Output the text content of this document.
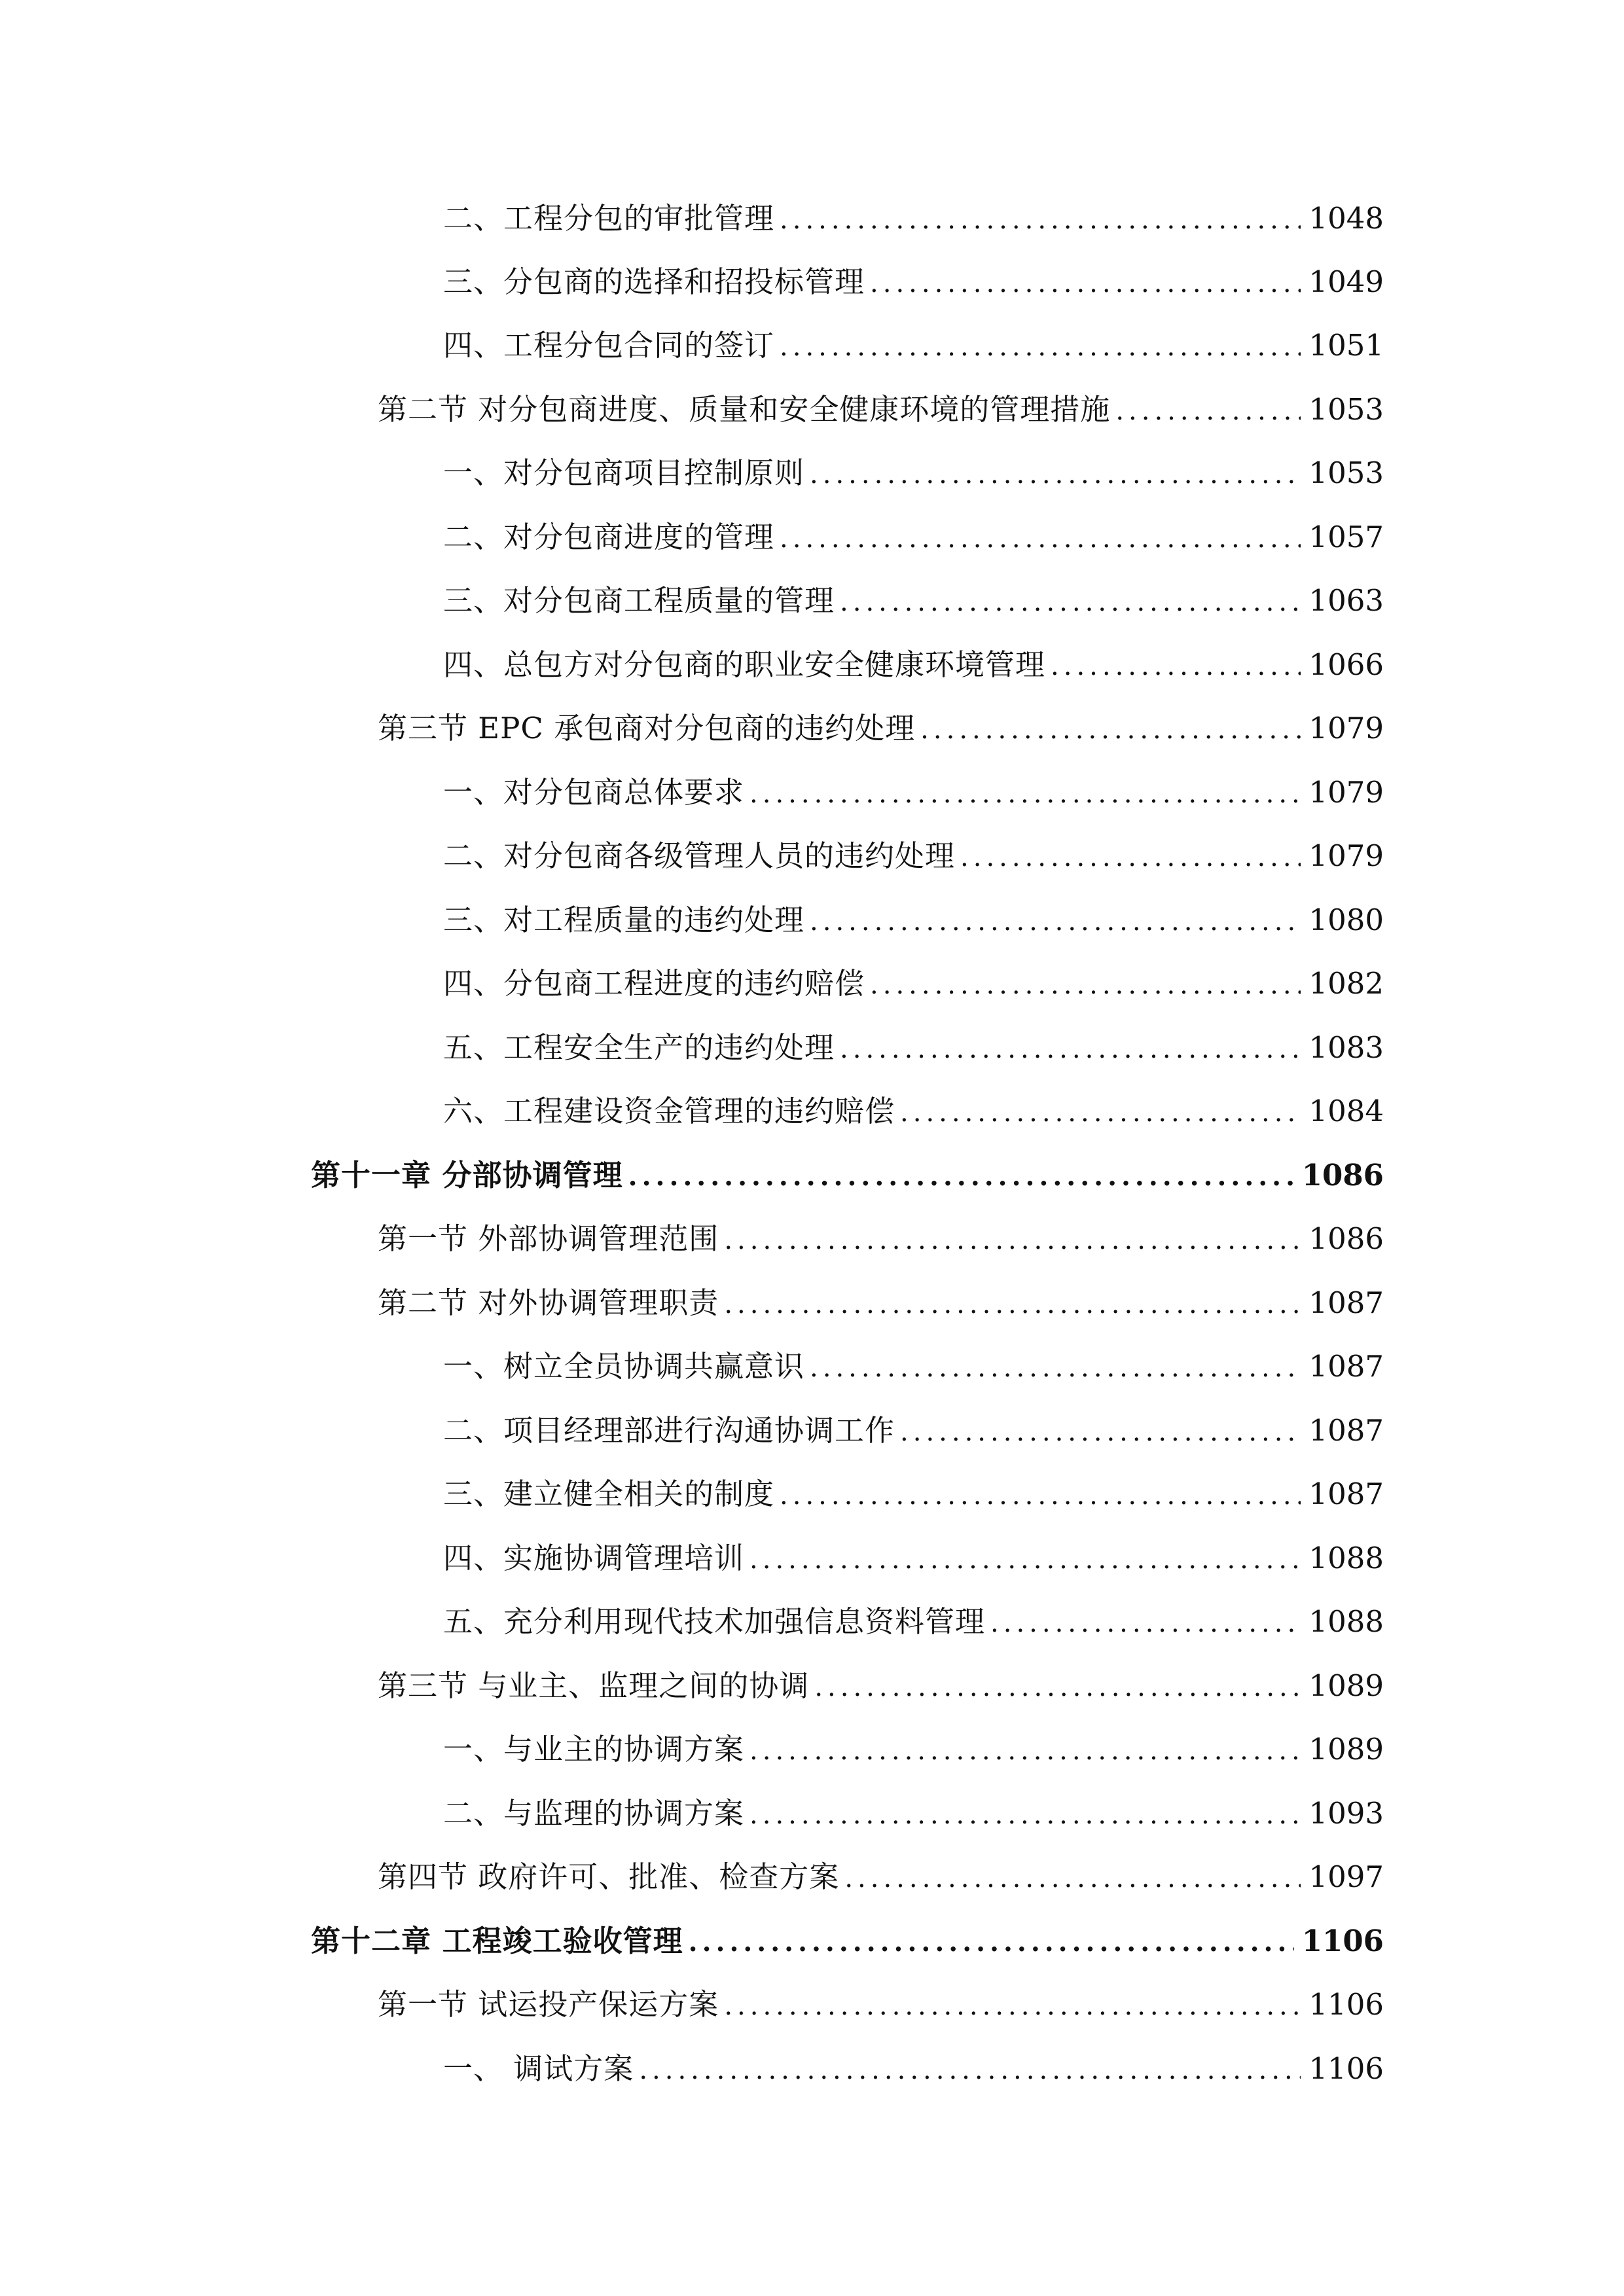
二、工程分包的审批管理 .....	1048
三、分包商的选择和招投标管理 .....	1049
四、工程分包合同的签订 .....	1051
第二节 对分包商进度、质量和安全健康环境的管理措施 .....	1053
一、对分包商项目控制原则 .....	1053
二、对分包商进度的管理 .....	1057
三、对分包商工程质量的管理 .....	1063
四、总包方对分包商的职业安全健康环境管理 .....	1066
第三节 EPC 承包商对分包商的违约处理 .....	1079
一、对分包商总体要求 .....	1079
二、对分包商各级管理人员的违约处理 .....	1079
三、对工程质量的违约处理 .....	1080
四、分包商工程进度的违约赔偿 .....	1082
五、工程安全生产的违约处理 .....	1083
六、工程建设资金管理的违约赔偿 .....	1084
第十一章 分部协调管理 .....	1086
第一节 外部协调管理范围 .....	1086
第二节 对外协调管理职责 .....	1087
一、树立全员协调共赢意识 .....	1087
二、项目经理部进行沟通协调工作 .....	1087
三、建立健全相关的制度 .....	1087
四、实施协调管理培训 .....	1088
五、充分利用现代技术加强信息资料管理 .....	1088
第三节 与业主、监理之间的协调 .....	1089
一、与业主的协调方案 .....	1089
二、与监理的协调方案 .....	1093
第四节 政府许可、批准、检查方案 .....	1097
第十二章 工程竣工验收管理 .....	1106
第一节 试运投产保运方案 .....	1106
一、 调试方案 .....	1106
